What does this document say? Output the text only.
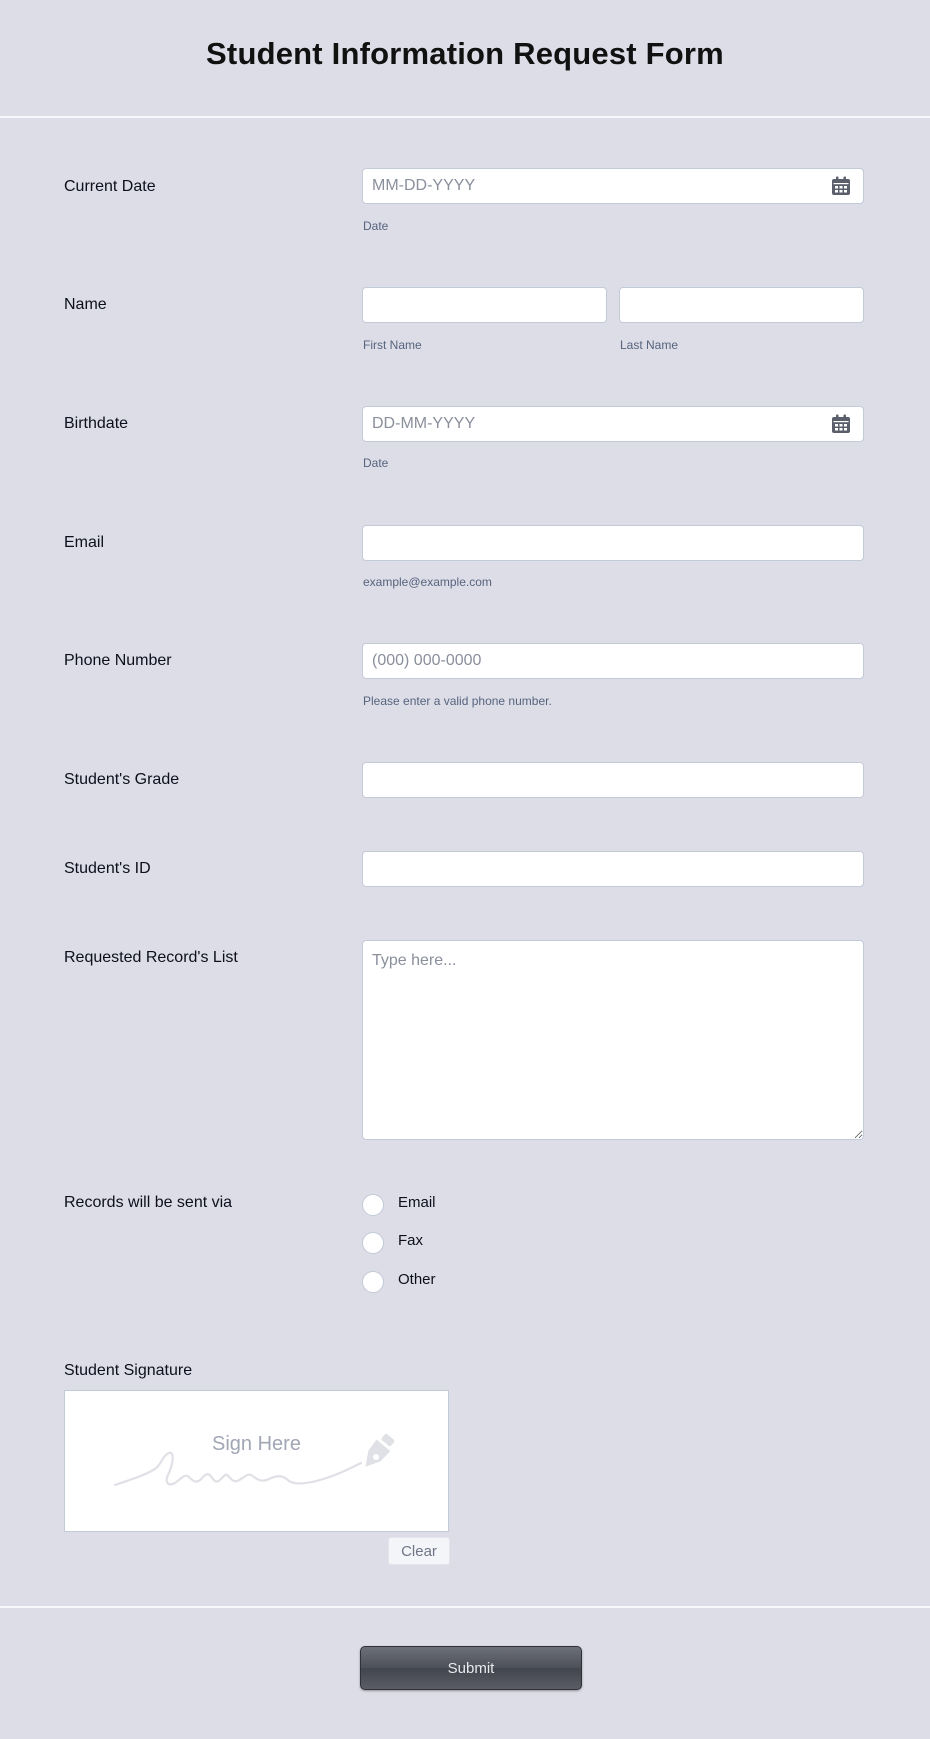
Student Information Request Form
Current Date
MM-DD-YYYY
Date
Name
First Name	Last Name
Birthdate
DD-MM-YYYY
Date
Email
example@example.com
Phone Number
(000) 000-0000
Please enter a valid phone number.
Student's Grade
Student's ID
Requested Record's List
Type here...
Records will be sent via	Email
Fax
Other
Student Signature
Sign Here
Clear
Submit
